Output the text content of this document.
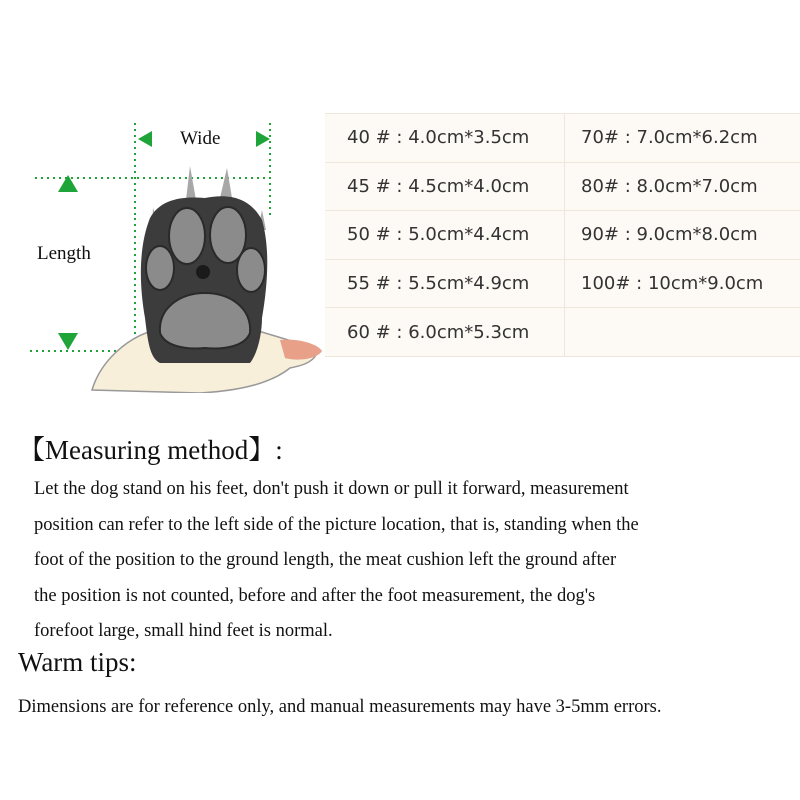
Wide
Length
40 # : 4.0cm*3.5cm	70# : 7.0cm*6.2cm
45 # : 4.5cm*4.0cm	80# : 8.0cm*7.0cm
50 # : 5.0cm*4.4cm	90# : 9.0cm*8.0cm
55 # : 5.5cm*4.9cm	100# : 10cm*9.0cm
60 # : 6.0cm*5.3cm
【Measuring method】:
Let the dog stand on his feet, don't push it down or pull it forward, measurement
position can refer to the left side of the picture location, that is, standing when the
foot of the position to the ground length, the meat cushion left the ground after
the position is not counted, before and after the foot measurement, the dog's
forefoot large, small hind feet is normal.
Warm tips:
Dimensions are for reference only, and manual measurements may have 3-5mm errors.
